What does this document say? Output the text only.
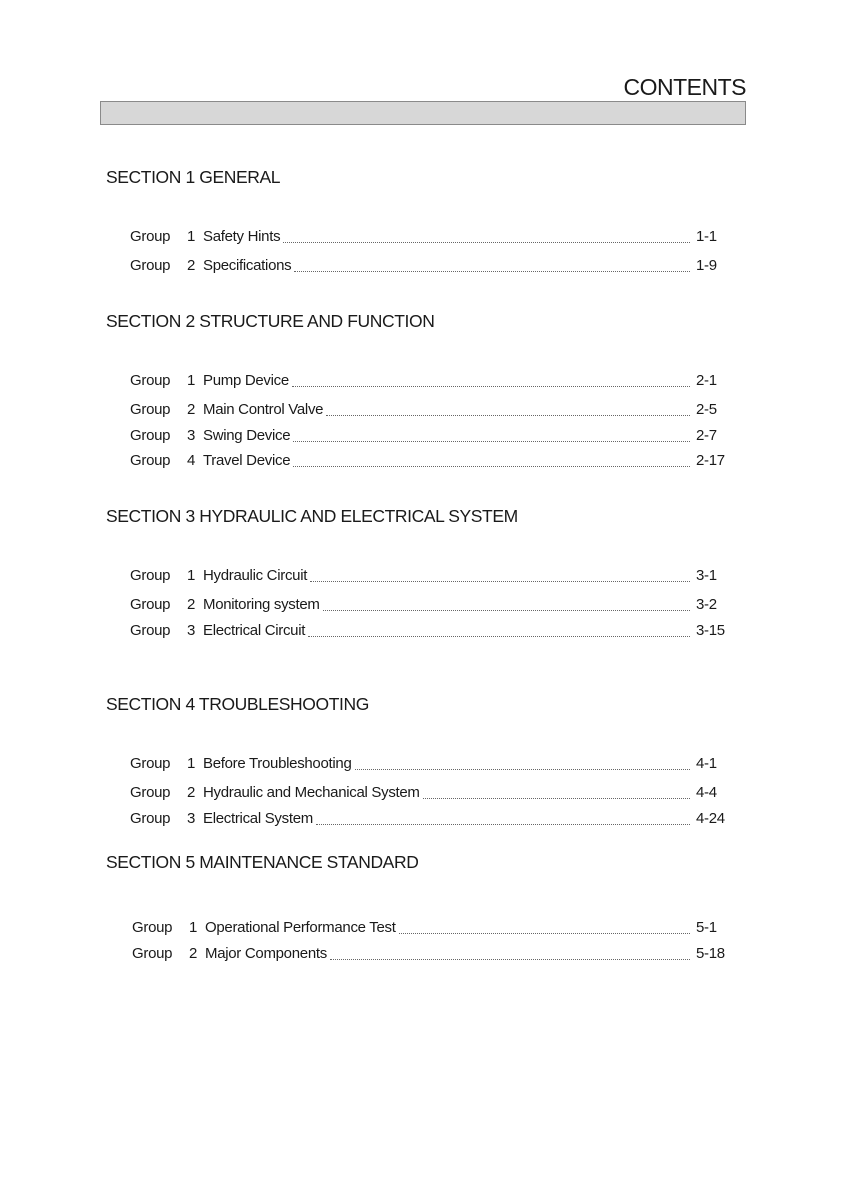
CONTENTS
SECTION 1 GENERAL
Group	1 Safety Hints	1-1
Group	2 Specifications	1-9
SECTION 2 STRUCTURE AND FUNCTION
Group	1 Pump Device	2-1
Group	2 Main Control Valve	2-5
Group	3 Swing Device	2-7
Group	4 Travel Device	2-17
SECTION 3 HYDRAULIC AND ELECTRICAL SYSTEM
Group	1 Hydraulic Circuit	3-1
Group	2 Monitoring system	3-2
Group	3 Electrical Circuit	3-15
SECTION 4 TROUBLESHOOTING
Group	1 Before Troubleshooting	4-1
Group	2 Hydraulic and Mechanical System	4-4
Group	3 Electrical System	4-24
SECTION 5 MAINTENANCE STANDARD
Group	1 Operational Performance Test	5-1
Group	2 Major Components	5-18
